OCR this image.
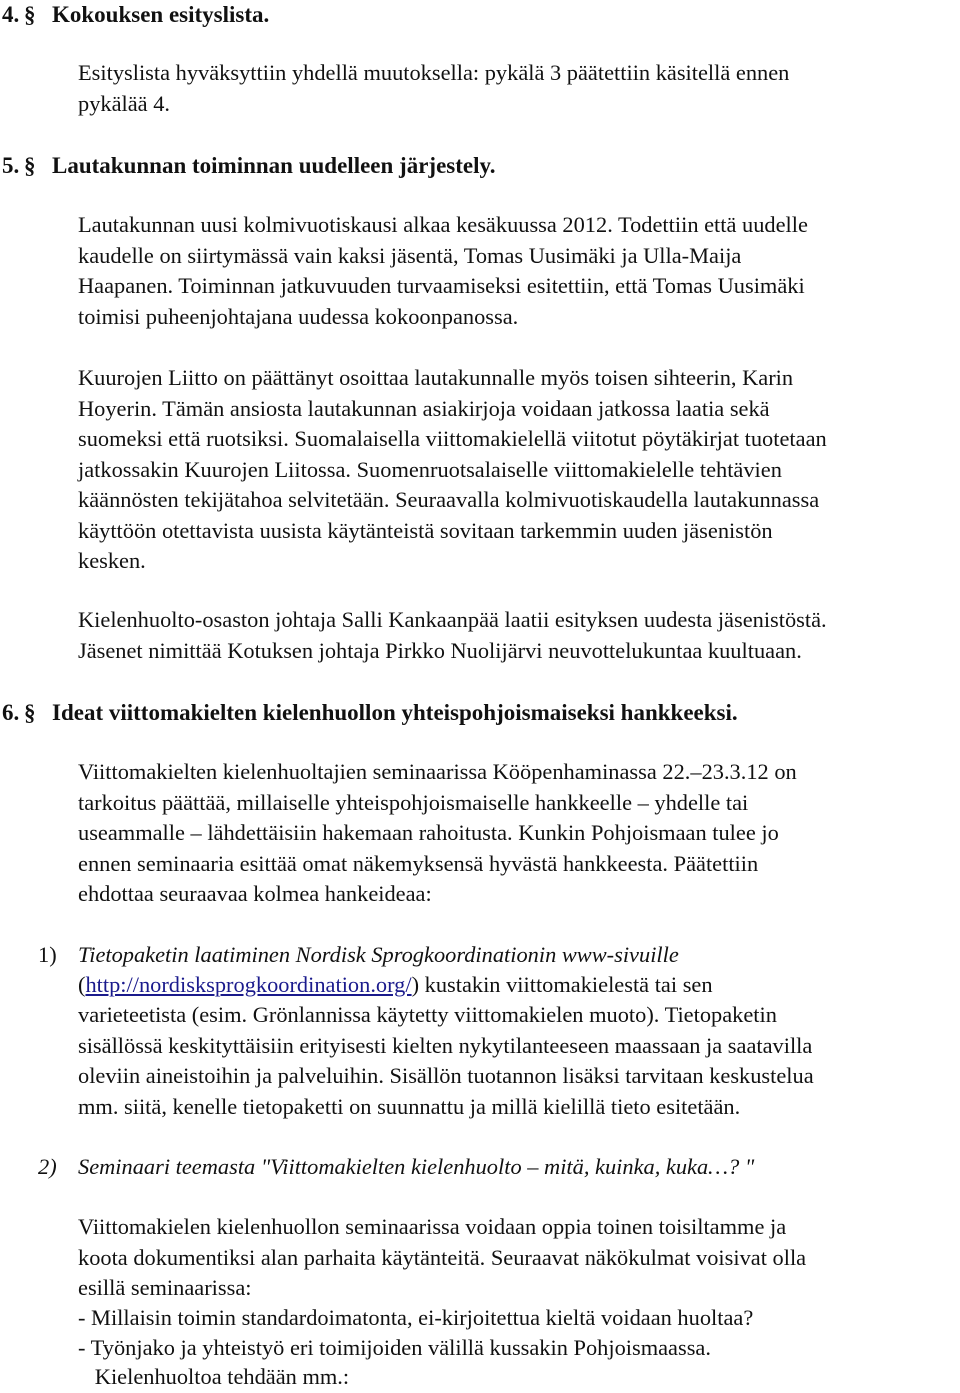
4. § Kokouksen esityslista.
Esityslista hyväksyttiin yhdellä muutoksella: pykälä 3 päätettiin käsitellä ennen
pykälää 4.
5. § Lautakunnan toiminnan uudelleen järjestely.
Lautakunnan uusi kolmivuotiskausi alkaa kesäkuussa 2012. Todettiin että uudelle
kaudelle on siirtymässä vain kaksi jäsentä, Tomas Uusimäki ja Ulla-Maija
Haapanen. Toiminnan jatkuvuuden turvaamiseksi esitettiin, että Tomas Uusimäki
toimisi puheenjohtajana uudessa kokoonpanossa.
Kuurojen Liitto on päättänyt osoittaa lautakunnalle myös toisen sihteerin, Karin
Hoyerin. Tämän ansiosta lautakunnan asiakirjoja voidaan jatkossa laatia sekä
suomeksi että ruotsiksi. Suomalaisella viittomakielellä viitotut pöytäkirjat tuotetaan
jatkossakin Kuurojen Liitossa. Suomenruotsalaiselle viittomakielelle tehtävien
käännösten tekijätahoa selvitetään. Seuraavalla kolmivuotiskaudella lautakunnassa
käyttöön otettavista uusista käytänteistä sovitaan tarkemmin uuden jäsenistön
kesken.
Kielenhuolto-osaston johtaja Salli Kankaanpää laatii esityksen uudesta jäsenistöstä.
Jäsenet nimittää Kotuksen johtaja Pirkko Nuolijärvi neuvottelukuntaa kuultuaan.
6. § Ideat viittomakielten kielenhuollon yhteispohjoismaiseksi hankkeeksi.
Viittomakielten kielenhuoltajien seminaarissa Kööpenhaminassa 22.–23.3.12 on
tarkoitus päättää, millaiselle yhteispohjoismaiselle hankkeelle – yhdelle tai
useammalle – lähdettäisiin hakemaan rahoitusta. Kunkin Pohjoismaan tulee jo
ennen seminaaria esittää omat näkemyksensä hyvästä hankkeesta. Päätettiin
ehdottaa seuraavaa kolmea hankeideaa:
1) Tietopaketin laatiminen Nordisk Sprogkoordinationin www-sivuille
(http://nordisksprogkoordination.org/) kustakin viittomakielestä tai sen
varieteetista (esim. Grönlannissa käytetty viittomakielen muoto). Tietopaketin
sisällössä keskityttäisiin erityisesti kielten nykytilanteeseen maassaan ja saatavilla
oleviin aineistoihin ja palveluihin. Sisällön tuotannon lisäksi tarvitaan keskustelua
mm. siitä, kenelle tietopaketti on suunnattu ja millä kielillä tieto esitetään.
2) Seminaari teemasta "Viittomakielten kielenhuolto – mitä, kuinka, kuka…? "
Viittomakielen kielenhuollon seminaarissa voidaan oppia toinen toisiltamme ja
koota dokumentiksi alan parhaita käytänteitä. Seuraavat näkökulmat voisivat olla
esillä seminaarissa:
- Millaisin toimin standardoimatonta, ei-kirjoitettua kieltä voidaan huoltaa?
- Työnjako ja yhteistyö eri toimijoiden välillä kussakin Pohjoismaassa.
Kielenhuoltoa tehdään mm.:
